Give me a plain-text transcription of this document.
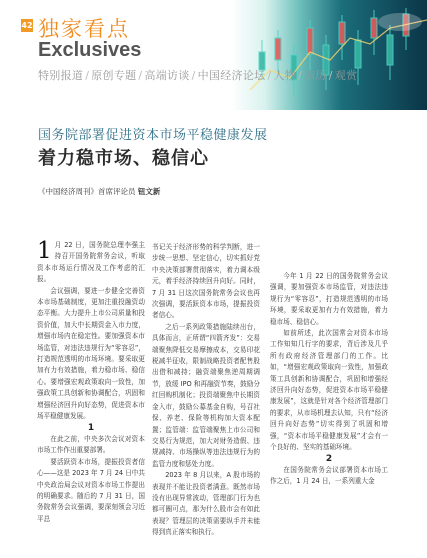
42 独家看点
Exclusives
特别报道 / 原创专题 / 高端访谈 / 中国经济论坛 / 人物 / 亲历 / 观赏
国务院部署促进资本市场平稳健康发展
着力稳市场、稳信心
《中国经济周刊》首席评论员 钮文新
1 月 22 日，国务院总理李强主持召开国务院常务会议，听取资本市场运行情况及工作考虑的汇报。

会议强调，要进一步健全完善资本市场基础制度，更加注重投融资动态平衡。大力提升上市公司质量和投资价值，加大中长期资金入市力度，增强市场内在稳定性。要加强资本市场监管，对违法违规行为“零容忍”，打造规范透明的市场环境。要采取更加有力有效措施，着力稳市场、稳信心。要增强宏观政策取向一致性，加强政策工具创新和协调配合，巩固和增强经济回升向好态势，促进资本市场平稳健康发展。

1

在此之前，中央多次会议对资本市场工作作出重要部署。

要活跃资本市场，提振投资者信心——这是 2023 年 7 月 24 日中共中央政治局会议对资本市场工作提出的明确要求。随后的 7 月 31 日，国务院常务会议强调，要深刻领会习近平总

书记关于经济形势的科学判断，进一步统一思想、坚定信心，切实抓好党中央决策部署贯彻落实，着力调本级元，着手经济持续回升向好。同时，7 月 31 日这次国务院常务会议也再次强调，要活跃资本市场，提振投资者信心。

之后一系列政策措施陆续出台，具体而言，正所谓“四箭齐发”：交易端聚焦降低交易摩擦成本，交易印花税减半征收，限制战略投资者配售股出借和减持；融资端聚焦逆周期调节，放缓 IPO 和再融资节奏，鼓励分红回购机制化；投资端聚焦中长期资金入市，鼓励公募基金自购，号召社保、养老、保险等机构加大资本配置；监管端：监管端聚焦上市公司和交易行为规范，加大对财务造假、违规减持、市场操纵等违法违规行为的监管力度和惩处力度。

2023 年 8 月以来，A 股市场的表现并不能让投资者满意。既然市场没有出现异常波动，管理部门行为也都可圈可点，那为什么股市会有如此表现？管理层的决策需要纵手并未能得到真正落实和执行。

今年 1 月 22 日的国务院常务会议强调，要加强资本市场监管，对违法违规行为“零容忍”，打造规范透明的市场环境，要采取更加有力有效措施，着力稳市场、稳信心。

如前所述，此次国常会对资本市场工作知知几行字的要求，背后涉及几乎所有政府经济管理部门的工作。比如，“增强宏观政策取向一致性，加强政策工具创新和协调配合，巩固和增强经济回升向好态势，促进资本市场平稳健康发展”，这就是针对各个经济管理部门的要求，从市场机理去认知，只有“经济回升向好态势”切实得到了巩固和增强，“资本市场平稳健康发展”才会有一个良好的、坚实的基础环境。

2

在国务院常务会议部署资本市场工作之后，1 月 24 日，一系列重大金
